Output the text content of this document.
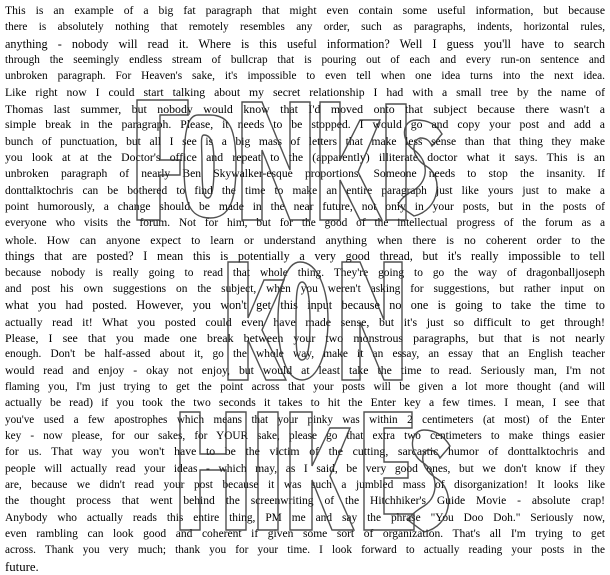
This is an example of a big fat paragraph that might even contain some useful information, but because
there is absolutely nothing that remotely resembles any order, such as paragraphs, indents, horizontal rules,
anything - nobody will read it. Where is this useful information? Well I guess you'll have to search
through the seemingly endless stream of bullcrap that is pouring out of each and every run-on sentence and
unbroken paragraph. For Heaven's sake, it's impossible to even tell when one idea turns into the next idea.
Like right now I could start talking about my secret relationship I had with a small tree by the name of
Thomas last summer, but nobody would know that I'd moved onto that subject because there wasn't a
simple break in the paragraph. Please, it needs to be stopped. I would go and copy your post and add a
bunch of punctuation, but all I see is a big mass of letters that make less sense than that thing they make
you look at at the Doctor's office and repeat to the (apparently) illiterate doctor what it says. This is an
unbroken paragraph of nearly Ben Skywalker-esque proportions. Someone needs to stop the insanity. If
donttalktochris can be bothered to find the time to make an entire paragraph just like yours just to make a
point humorously, a change should be made in the near future, not only in your posts, but in the posts of
everyone who visits the forum. Not for him, but for the good of the intellectual progress of the forum as a
whole. How can anyone expect to learn or understand anything when there is no coherent order to the
things that are posted? I mean this is potentially a very good thread, but it's really impossible to tell
because nobody is really going to read that whole thing. They're going to go the way of dragonballjoseph
and post his own suggestions on the subject, when you weren't asking for suggestions, but rather input on
what you had posted. However, you won't get this input because no one is going to take the time to
actually read it! What you posted could even have made sense, but it's just so difficult to get through!
Please, I see that you made one break between your two monstrous paragraphs, but that is not nearly
enough. Don't be half-assed about it, go the whole way, make it an essay, an essay that an English teacher
would read and enjoy - okay not enjoy, but would at least take the time to read. Seriously man, I'm not
flaming you, I'm just trying to get the point across that your posts will be given a lot more thought (and will
actually be read) if you took the two seconds it takes to hit the Enter key a few times. I mean, I see that
you've used a few apostrophes which means that your pinky was within 2 centimeters (at most) of the Enter
key - now please, for our sakes, for YOUR sake, please go that extra two centimeters to make things easier
for us. That way you won't have to be the victim of the cutting, sarcastic humor of donttalktochris and
people will actually read your ideas - which may, as I said, be very good ones, but we don't know if they
are, because we didn't read your post because it was such a jumbled mass of disorganization! It looks like
the thought process that went behind the screenwriting of the Hitchhiker's Guide Movie - absolute crap!
Anybody who actually reads this entire thing, PM me and say the phrase "You Doo Doh." Seriously now,
even rambling can look good and coherent if given some sort of organization. That's all I'm trying to get
across. Thank you very much; thank you for your time. I look forward to actually reading your posts in the
future.
